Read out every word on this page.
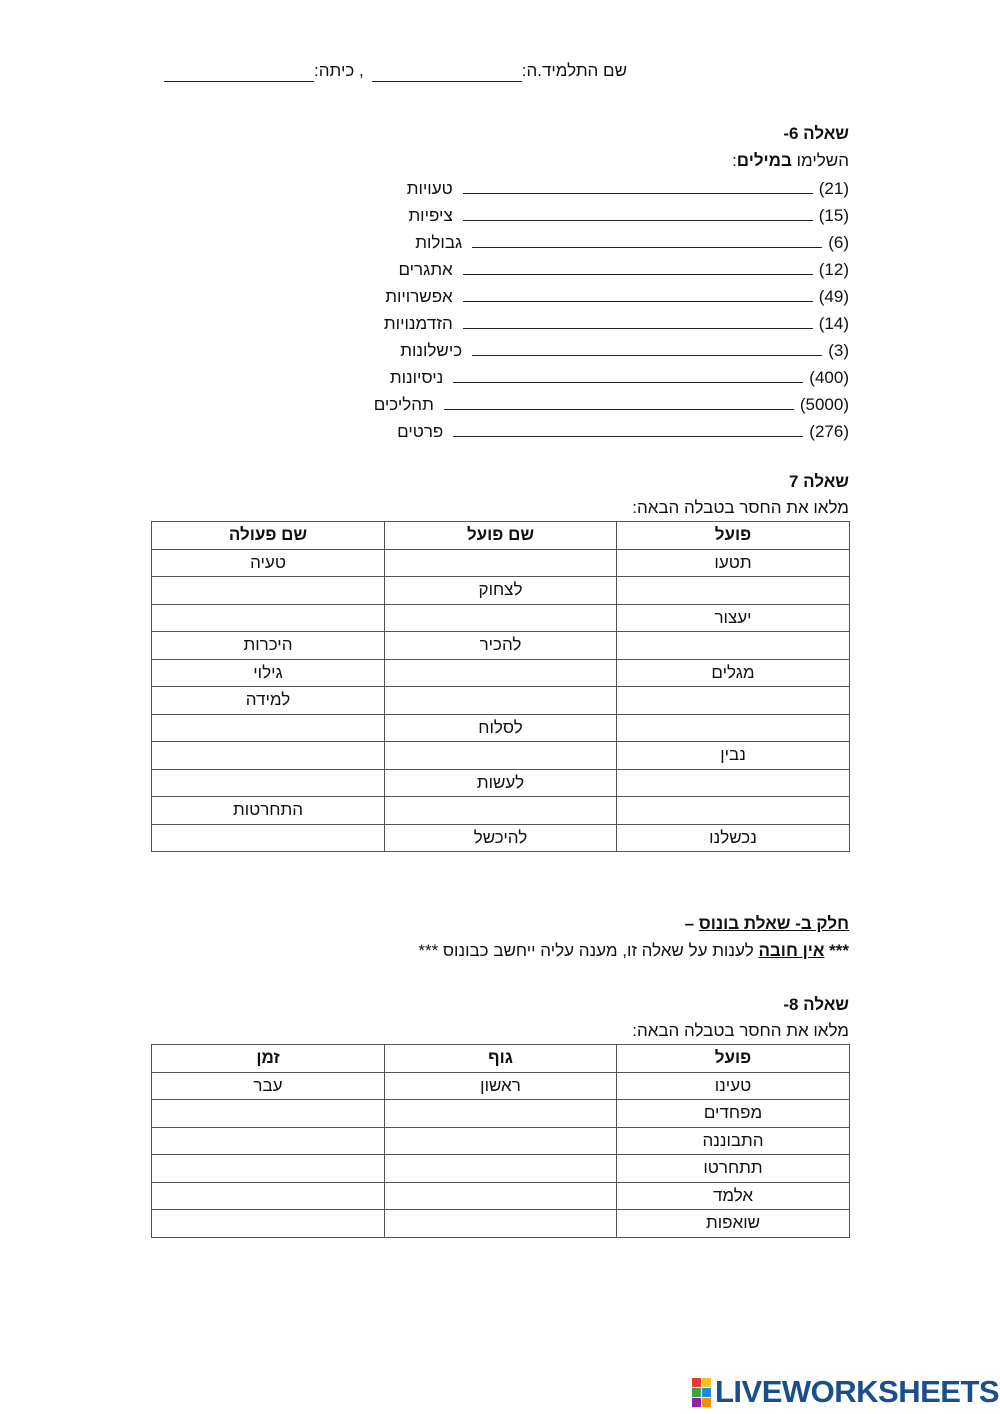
שם התלמיד.ה:
, כיתה:
שאלה 6-
השלימו במילים:
(21)
טעויות
(15)
ציפיות
(6)
גבולות
(12)
אתגרים
(49)
אפשרויות
(14)
הזדמנויות
(3)
כישלונות
(400)
ניסיונות
(5000)
תהליכים
(276)
פרטים
שאלה 7
מלאו את החסר בטבלה הבאה:
פועל	שם פועל	שם פעולה
תטעו		טעיה
	לצחוק	
יעצור		
	להכיר	היכרות
מגלים		גילוי
		למידה
	לסלוח	
נבין		
	לעשות	
		התחרטות
נכשלנו	להיכשל	
חלק ב- שאלת בונוס –
*** אין חובה לענות על שאלה זו, מענה עליה ייחשב כבונוס ***
שאלה 8-
מלאו את החסר בטבלה הבאה:
פועל	גוף	זמן
טעינו	ראשון	עבר
מפחדים		
התבוננה		
תתחרטו		
אלמד		
שואפות		
LIVEWORKSHEETS
